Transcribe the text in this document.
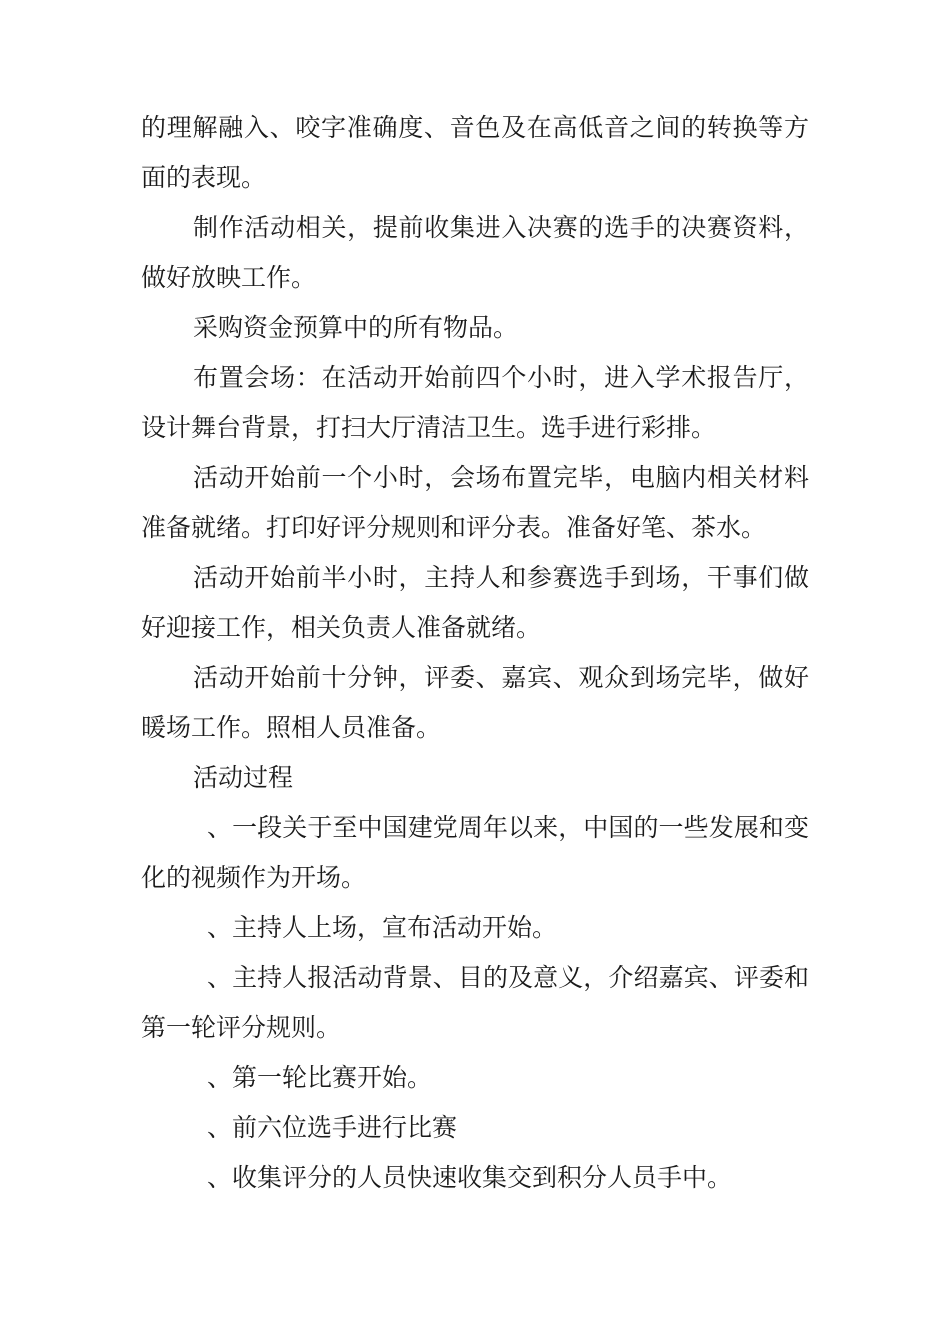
的理解融入、咬字准确度、音色及在高低音之间的转换等方面的表现。

制作活动相关，提前收集进入决赛的选手的决赛资料，做好放映工作。

采购资金预算中的所有物品。

布置会场：在活动开始前四个小时，进入学术报告厅，设计舞台背景，打扫大厅清洁卫生。选手进行彩排。

活动开始前一个小时，会场布置完毕，电脑内相关材料准备就绪。打印好评分规则和评分表。准备好笔、茶水。

活动开始前半小时，主持人和参赛选手到场，干事们做好迎接工作，相关负责人准备就绪。

活动开始前十分钟，评委、嘉宾、观众到场完毕，做好暖场工作。照相人员准备。

活动过程

、一段关于至中国建党周年以来，中国的一些发展和变化的视频作为开场。

、主持人上场，宣布活动开始。

、主持人报活动背景、目的及意义，介绍嘉宾、评委和第一轮评分规则。

、第一轮比赛开始。

、前六位选手进行比赛

、收集评分的人员快速收集交到积分人员手中。
